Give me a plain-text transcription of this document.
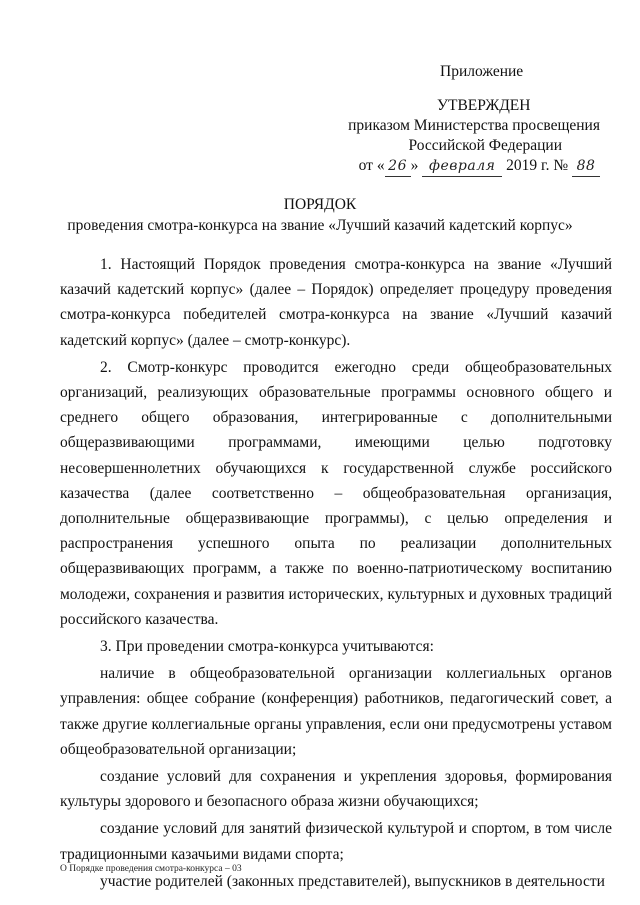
Приложение
УТВЕРЖДЕН
приказом Министерства просвещения
Российской Федерации
от « 26 » февраля 2019 г. № 88
ПОРЯДОК
проведения смотра-конкурса на звание «Лучший казачий кадетский корпус»

1. Настоящий Порядок проведения смотра-конкурса на звание «Лучший казачий кадетский корпус» (далее – Порядок) определяет процедуру проведения смотра-конкурса победителей смотра-конкурса на звание «Лучший казачий кадетский корпус» (далее – смотр-конкурс).

2. Смотр-конкурс проводится ежегодно среди общеобразовательных организаций, реализующих образовательные программы основного общего и среднего общего образования, интегрированные с дополнительными общеразвивающими программами, имеющими целью подготовку несовершеннолетних обучающихся к государственной службе российского казачества (далее соответственно – общеобразовательная организация, дополнительные общеразвивающие программы), с целью определения и распространения успешного опыта по реализации дополнительных общеразвивающих программ, а также по военно-патриотическому воспитанию молодежи, сохранения и развития исторических, культурных и духовных традиций российского казачества.

3. При проведении смотра-конкурса учитываются:

наличие в общеобразовательной организации коллегиальных органов управления: общее собрание (конференция) работников, педагогический совет, а также другие коллегиальные органы управления, если они предусмотрены уставом общеобразовательной организации;

создание условий для сохранения и укрепления здоровья, формирования культуры здорового и безопасного образа жизни обучающихся;

создание условий для занятий физической культурой и спортом, в том числе традиционными казачьими видами спорта;

участие родителей (законных представителей), выпускников в деятельности

О Порядке проведения смотра-конкурса – 03
